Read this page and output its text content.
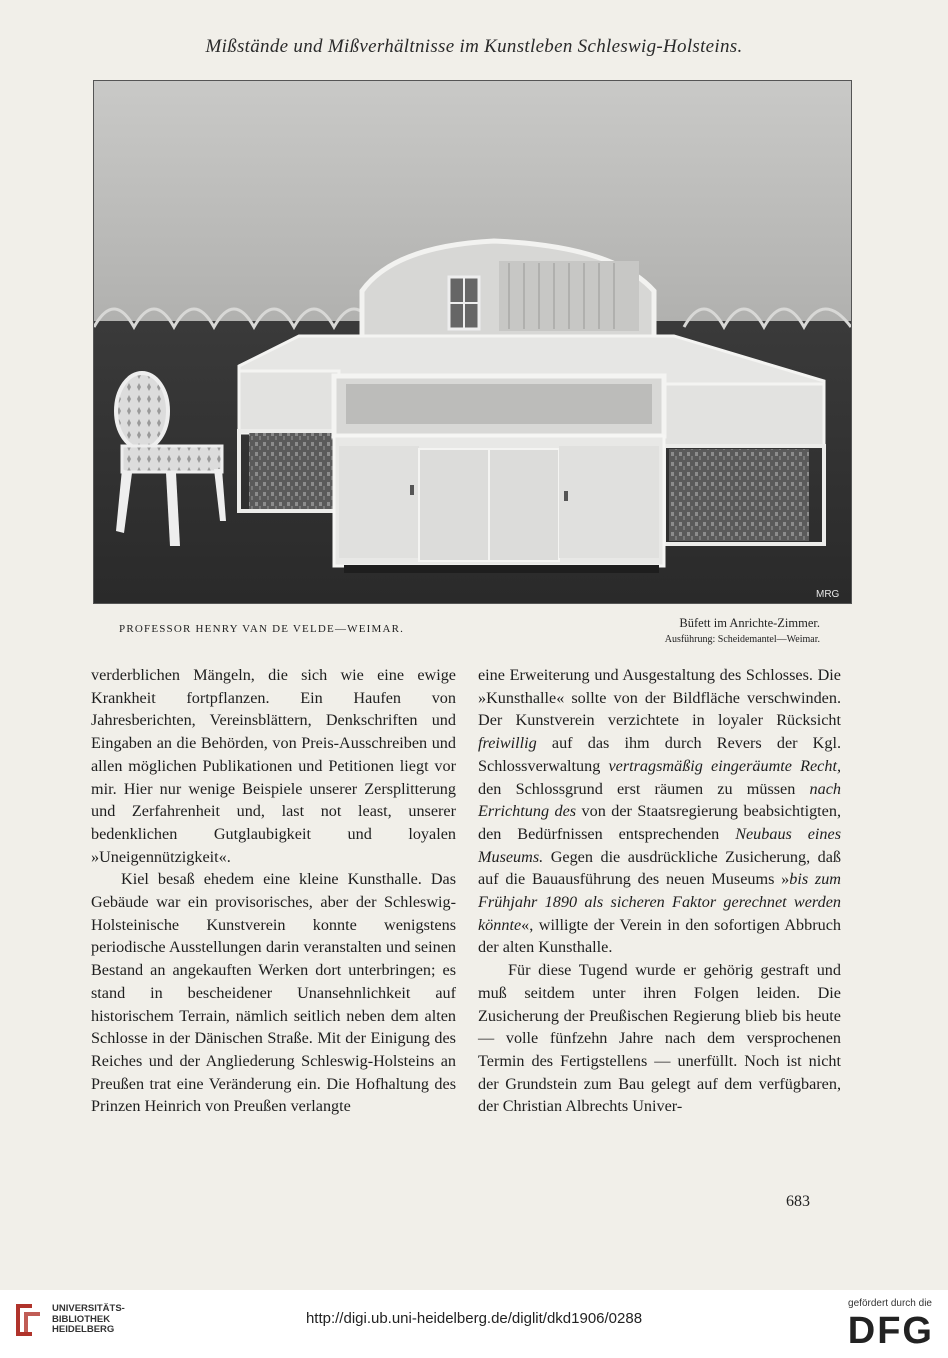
Mißstände und Mißverhältnisse im Kunstleben Schleswig-Holsteins.
MRG
PROFESSOR HENRY VAN DE VELDE—WEIMAR.	Büfett im Anrichte-Zimmer.
Ausführung: Scheidemantel—Weimar.

verderblichen Mängeln, die sich wie eine ewige Krankheit fortpflanzen. Ein Haufen von Jahresberichten, Vereinsblättern, Denkschriften und Eingaben an die Behörden, von Preis-Ausschreiben und allen möglichen Publikationen und Petitionen liegt vor mir. Hier nur wenige Beispiele unserer Zersplitterung und Zerfahrenheit und, last not least, unserer bedenklichen Gutglaubigkeit und loyalen »Uneigennützigkeit«.

Kiel besaß ehedem eine kleine Kunsthalle. Das Gebäude war ein provisorisches, aber der Schleswig-Holsteinische Kunstverein konnte wenigstens periodische Ausstellungen darin veranstalten und seinen Bestand an angekauften Werken dort unterbringen; es stand in bescheidener Unansehnlichkeit auf historischem Terrain, nämlich seitlich neben dem alten Schlosse in der Dänischen Straße. Mit der Einigung des Reiches und der Angliederung Schleswig-Holsteins an Preußen trat eine Veränderung ein. Die Hofhaltung des Prinzen Heinrich von Preußen verlangte

eine Erweiterung und Ausgestaltung des Schlosses. Die »Kunsthalle« sollte von der Bildfläche verschwinden. Der Kunstverein verzichtete in loyaler Rücksicht freiwillig auf das ihm durch Revers der Kgl. Schlossverwaltung vertragsmäßig eingeräumte Recht, den Schlossgrund erst räumen zu müssen nach Errichtung des von der Staatsregierung beabsichtigten, den Bedürfnissen entsprechenden Neubaus eines Museums. Gegen die ausdrückliche Zusicherung, daß auf die Bauausführung des neuen Museums »bis zum Frühjahr 1890 als sicheren Faktor gerechnet werden könnte«, willigte der Verein in den sofortigen Abbruch der alten Kunsthalle.

Für diese Tugend wurde er gehörig gestraft und muß seitdem unter ihren Folgen leiden. Die Zusicherung der Preußischen Regierung blieb bis heute — volle fünfzehn Jahre nach dem versprochenen Termin des Fertigstellens — unerfüllt. Noch ist nicht der Grundstein zum Bau gelegt auf dem verfügbaren, der Christian Albrechts Univer-

683
UNIVERSITÄTS-
BIBLIOTHEK
HEIDELBERG
http://digi.ub.uni-heidelberg.de/diglit/dkd1906/0288
gefördert durch die
DFG
